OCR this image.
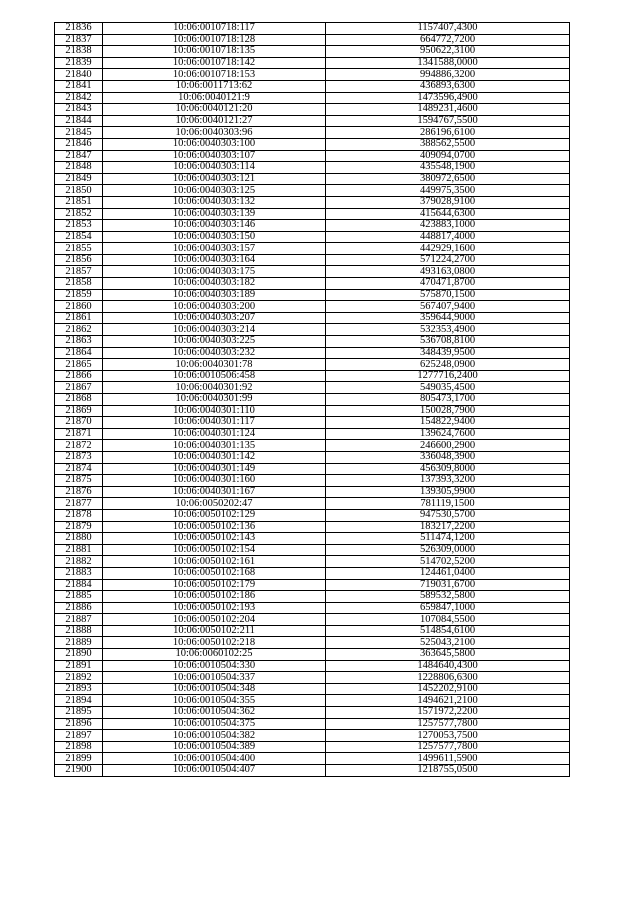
21836	10:06:0010718:117	1157407,4300
21837	10:06:0010718:128	664772,7200
21838	10:06:0010718:135	950622,3100
21839	10:06:0010718:142	1341588,0000
21840	10:06:0010718:153	994886,3200
21841	10:06:0011713:62	436893,6300
21842	10:06:0040121:9	1473596,4900
21843	10:06:0040121:20	1489231,4600
21844	10:06:0040121:27	1594767,5500
21845	10:06:0040303:96	286196,6100
21846	10:06:0040303:100	388562,5500
21847	10:06:0040303:107	409094,0700
21848	10:06:0040303:114	435548,1900
21849	10:06:0040303:121	380972,6500
21850	10:06:0040303:125	449975,3500
21851	10:06:0040303:132	379028,9100
21852	10:06:0040303:139	415644,6300
21853	10:06:0040303:146	423883,1000
21854	10:06:0040303:150	448817,4000
21855	10:06:0040303:157	442929,1600
21856	10:06:0040303:164	571224,2700
21857	10:06:0040303:175	493163,0800
21858	10:06:0040303:182	470471,8700
21859	10:06:0040303:189	575870,1500
21860	10:06:0040303:200	567407,9400
21861	10:06:0040303:207	359644,9000
21862	10:06:0040303:214	532353,4900
21863	10:06:0040303:225	536708,8100
21864	10:06:0040303:232	348439,9500
21865	10:06:0040301:78	625248,0900
21866	10:06:0010506:458	1277716,2400
21867	10:06:0040301:92	549035,4500
21868	10:06:0040301:99	805473,1700
21869	10:06:0040301:110	150028,7900
21870	10:06:0040301:117	154822,9400
21871	10:06:0040301:124	139624,7600
21872	10:06:0040301:135	246600,2900
21873	10:06:0040301:142	336048,3900
21874	10:06:0040301:149	456309,8000
21875	10:06:0040301:160	137393,3200
21876	10:06:0040301:167	139305,9900
21877	10:06:0050202:47	781119,1500
21878	10:06:0050102:129	947530,5700
21879	10:06:0050102:136	183217,2200
21880	10:06:0050102:143	511474,1200
21881	10:06:0050102:154	526309,0000
21882	10:06:0050102:161	514702,5200
21883	10:06:0050102:168	124461,0400
21884	10:06:0050102:179	719031,6700
21885	10:06:0050102:186	589532,5800
21886	10:06:0050102:193	659847,1000
21887	10:06:0050102:204	107084,5500
21888	10:06:0050102:211	514854,6100
21889	10:06:0050102:218	525043,2100
21890	10:06:0060102:25	363645,5800
21891	10:06:0010504:330	1484640,4300
21892	10:06:0010504:337	1228806,6300
21893	10:06:0010504:348	1452202,9100
21894	10:06:0010504:355	1494621,2100
21895	10:06:0010504:362	1571972,2200
21896	10:06:0010504:375	1257577,7800
21897	10:06:0010504:382	1270053,7500
21898	10:06:0010504:389	1257577,7800
21899	10:06:0010504:400	1499611,5900
21900	10:06:0010504:407	1218755,0500
